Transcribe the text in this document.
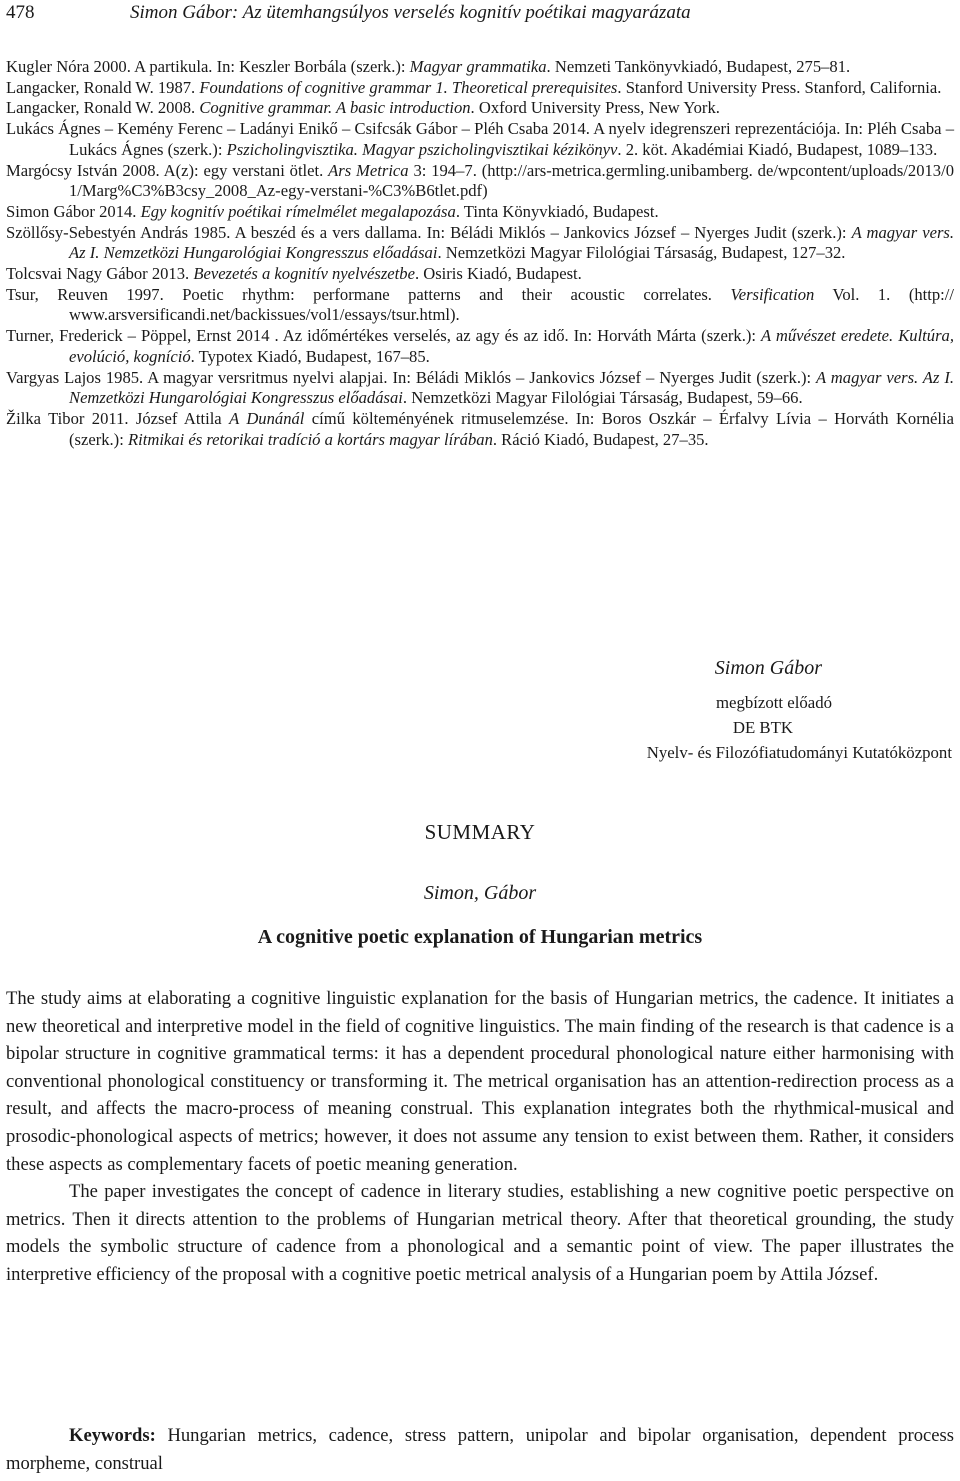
478	Simon Gábor: Az ütemhangsúlyos verselés kognitív poétikai magyarázata

Kugler Nóra 2000. A partikula. In: Keszler Borbála (szerk.): Magyar grammatika. Nemzeti Tankönyvkiadó, Budapest, 275–81.

Langacker, Ronald W. 1987. Foundations of cognitive grammar 1. Theoretical prerequisites. Stanford University Press. Stanford, California.

Langacker, Ronald W. 2008. Cognitive grammar. A basic introduction. Oxford University Press, New York.

Lukács Ágnes – Kemény Ferenc – Ladányi Enikő – Csifcsák Gábor – Pléh Csaba 2014. A nyelv idegrenszeri reprezentációja. In: Pléh Csaba – Lukács Ágnes (szerk.): Pszicholingvisztika. Magyar pszicholingvisztikai kézikönyv. 2. köt. Akadémiai Kiadó, Budapest, 1089–133.

Margócsy István 2008. A(z): egy verstani ötlet. Ars Metrica 3: 194–7. (http://ars-metrica.germling.unibamberg. de/wpcontent/uploads/2013/01/Marg%C3%B3csy_2008_Az-egy-verstani-%C3%B6tlet.pdf)

Simon Gábor 2014. Egy kognitív poétikai rímelmélet megalapozása. Tinta Könyvkiadó, Budapest.

Szöllősy-Sebestyén András 1985. A beszéd és a vers dallama. In: Béládi Miklós – Jankovics József – Nyerges Judit (szerk.): A magyar vers. Az I. Nemzetközi Hungarológiai Kongresszus előadásai. Nemzetközi Magyar Filológiai Társaság, Budapest, 127–32.

Tolcsvai Nagy Gábor 2013. Bevezetés a kognitív nyelvészetbe. Osiris Kiadó, Budapest.

Tsur, Reuven 1997. Poetic rhythm: performane patterns and their acoustic correlates. Versification Vol. 1. (http:// www.arsversificandi.net/backissues/vol1/essays/tsur.html).

Turner, Frederick – Pöppel, Ernst 2014 . Az időmértékes verselés, az agy és az idő. In: Horváth Márta (szerk.): A művészet eredete. Kultúra, evolúció, kogníció. Typotex Kiadó, Budapest, 167–85.

Vargyas Lajos 1985. A magyar versritmus nyelvi alapjai. In: Béládi Miklós – Jankovics József – Nyerges Judit (szerk.): A magyar vers. Az I. Nemzetközi Hungarológiai Kongresszus előadásai. Nemzetközi Magyar Filológiai Társaság, Budapest, 59–66.

Žilka Tibor 2011. József Attila A Dunánál című költeményének ritmuselemzése. In: Boros Oszkár – Érfalvy Lívia – Horváth Kornélia (szerk.): Ritmikai és retorikai tradíció a kortárs magyar lírában. Ráció Kiadó, Budapest, 27–35.

Simon Gábor
megbízott előadó
DE BTK
Nyelv- és Filozófiatudományi Kutatóközpont
SUMMARY
Simon, Gábor
A cognitive poetic explanation of Hungarian metrics

The study aims at elaborating a cognitive linguistic explanation for the basis of Hungarian metrics, the cadence. It initiates a new theoretical and interpretive model in the field of cognitive linguistics. The main finding of the research is that cadence is a bipolar structure in cognitive grammatical terms: it has a dependent procedural phonological nature either harmonising with conventional phonological constituency or transforming it. The metrical organisation has an attention-redirection process as a result, and affects the macro-process of meaning construal. This explanation integrates both the rhythmical-musical and prosodic-phonological aspects of metrics; however, it does not assume any tension to exist between them. Rather, it considers these aspects as complementary facets of poetic meaning generation.

The paper investigates the concept of cadence in literary studies, establishing a new cognitive poetic perspective on metrics. Then it directs attention to the problems of Hungarian metrical theory. After that theoretical grounding, the study models the symbolic structure of cadence from a phonological and a semantic point of view. The paper illustrates the interpretive efficiency of the proposal with a cognitive poetic metrical analysis of a Hungarian poem by Attila József.

Keywords: Hungarian metrics, cadence, stress pattern, unipolar and bipolar organisation, dependent process morpheme, construal
